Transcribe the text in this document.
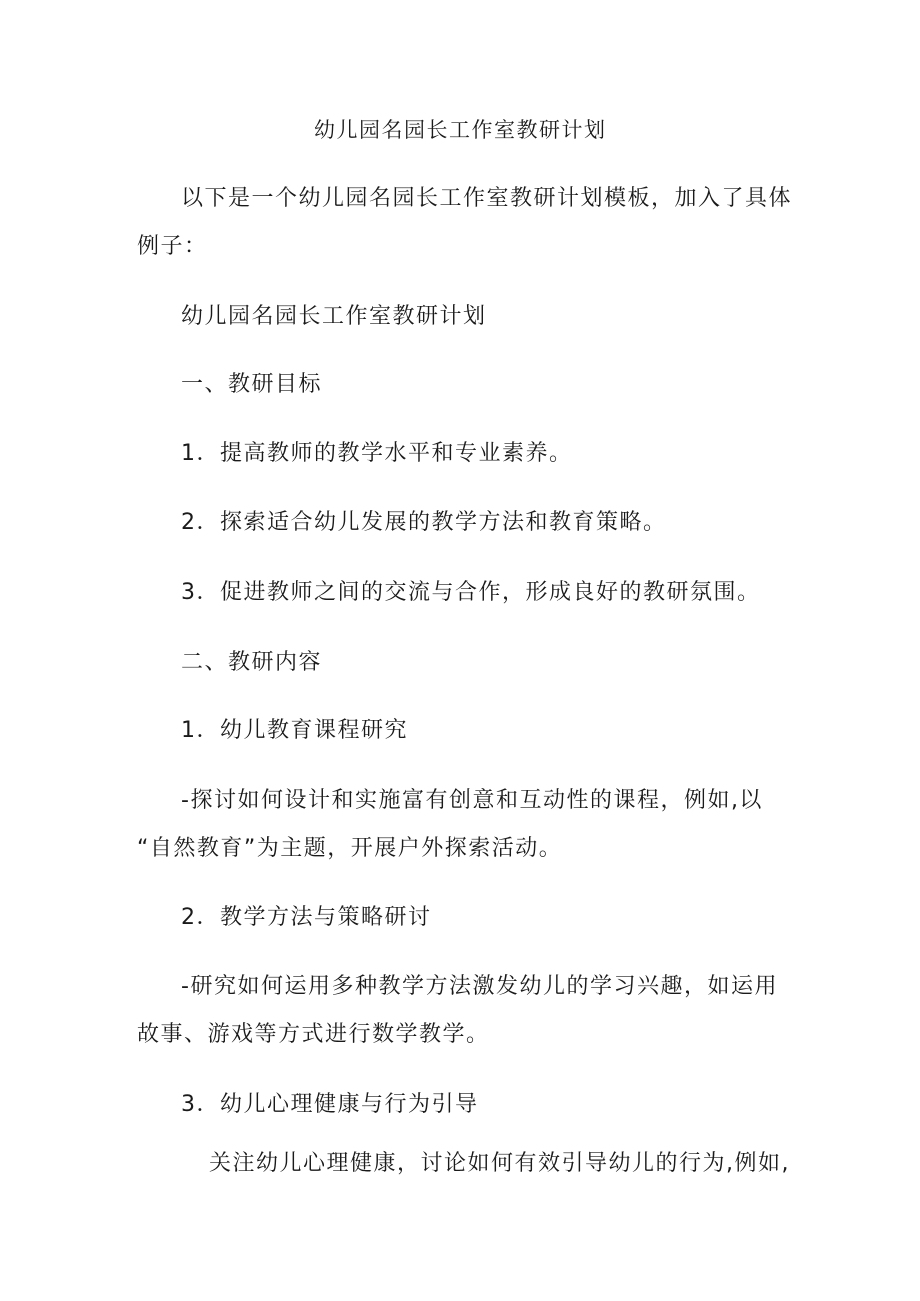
幼儿园名园长工作室教研计划
以下是一个幼儿园名园长工作室教研计划模板，加入了具体
例子：
幼儿园名园长工作室教研计划
一、教研目标
1．提高教师的教学水平和专业素养。
2．探索适合幼儿发展的教学方法和教育策略。
3．促进教师之间的交流与合作，形成良好的教研氛围。
二、教研内容
1．幼儿教育课程研究
-探讨如何设计和实施富有创意和互动性的课程，例如,以
“自然教育”为主题，开展户外探索活动。
2．教学方法与策略研讨
-研究如何运用多种教学方法激发幼儿的学习兴趣，如运用
故事、游戏等方式进行数学教学。
3．幼儿心理健康与行为引导
关注幼儿心理健康，讨论如何有效引导幼儿的行为,例如,
